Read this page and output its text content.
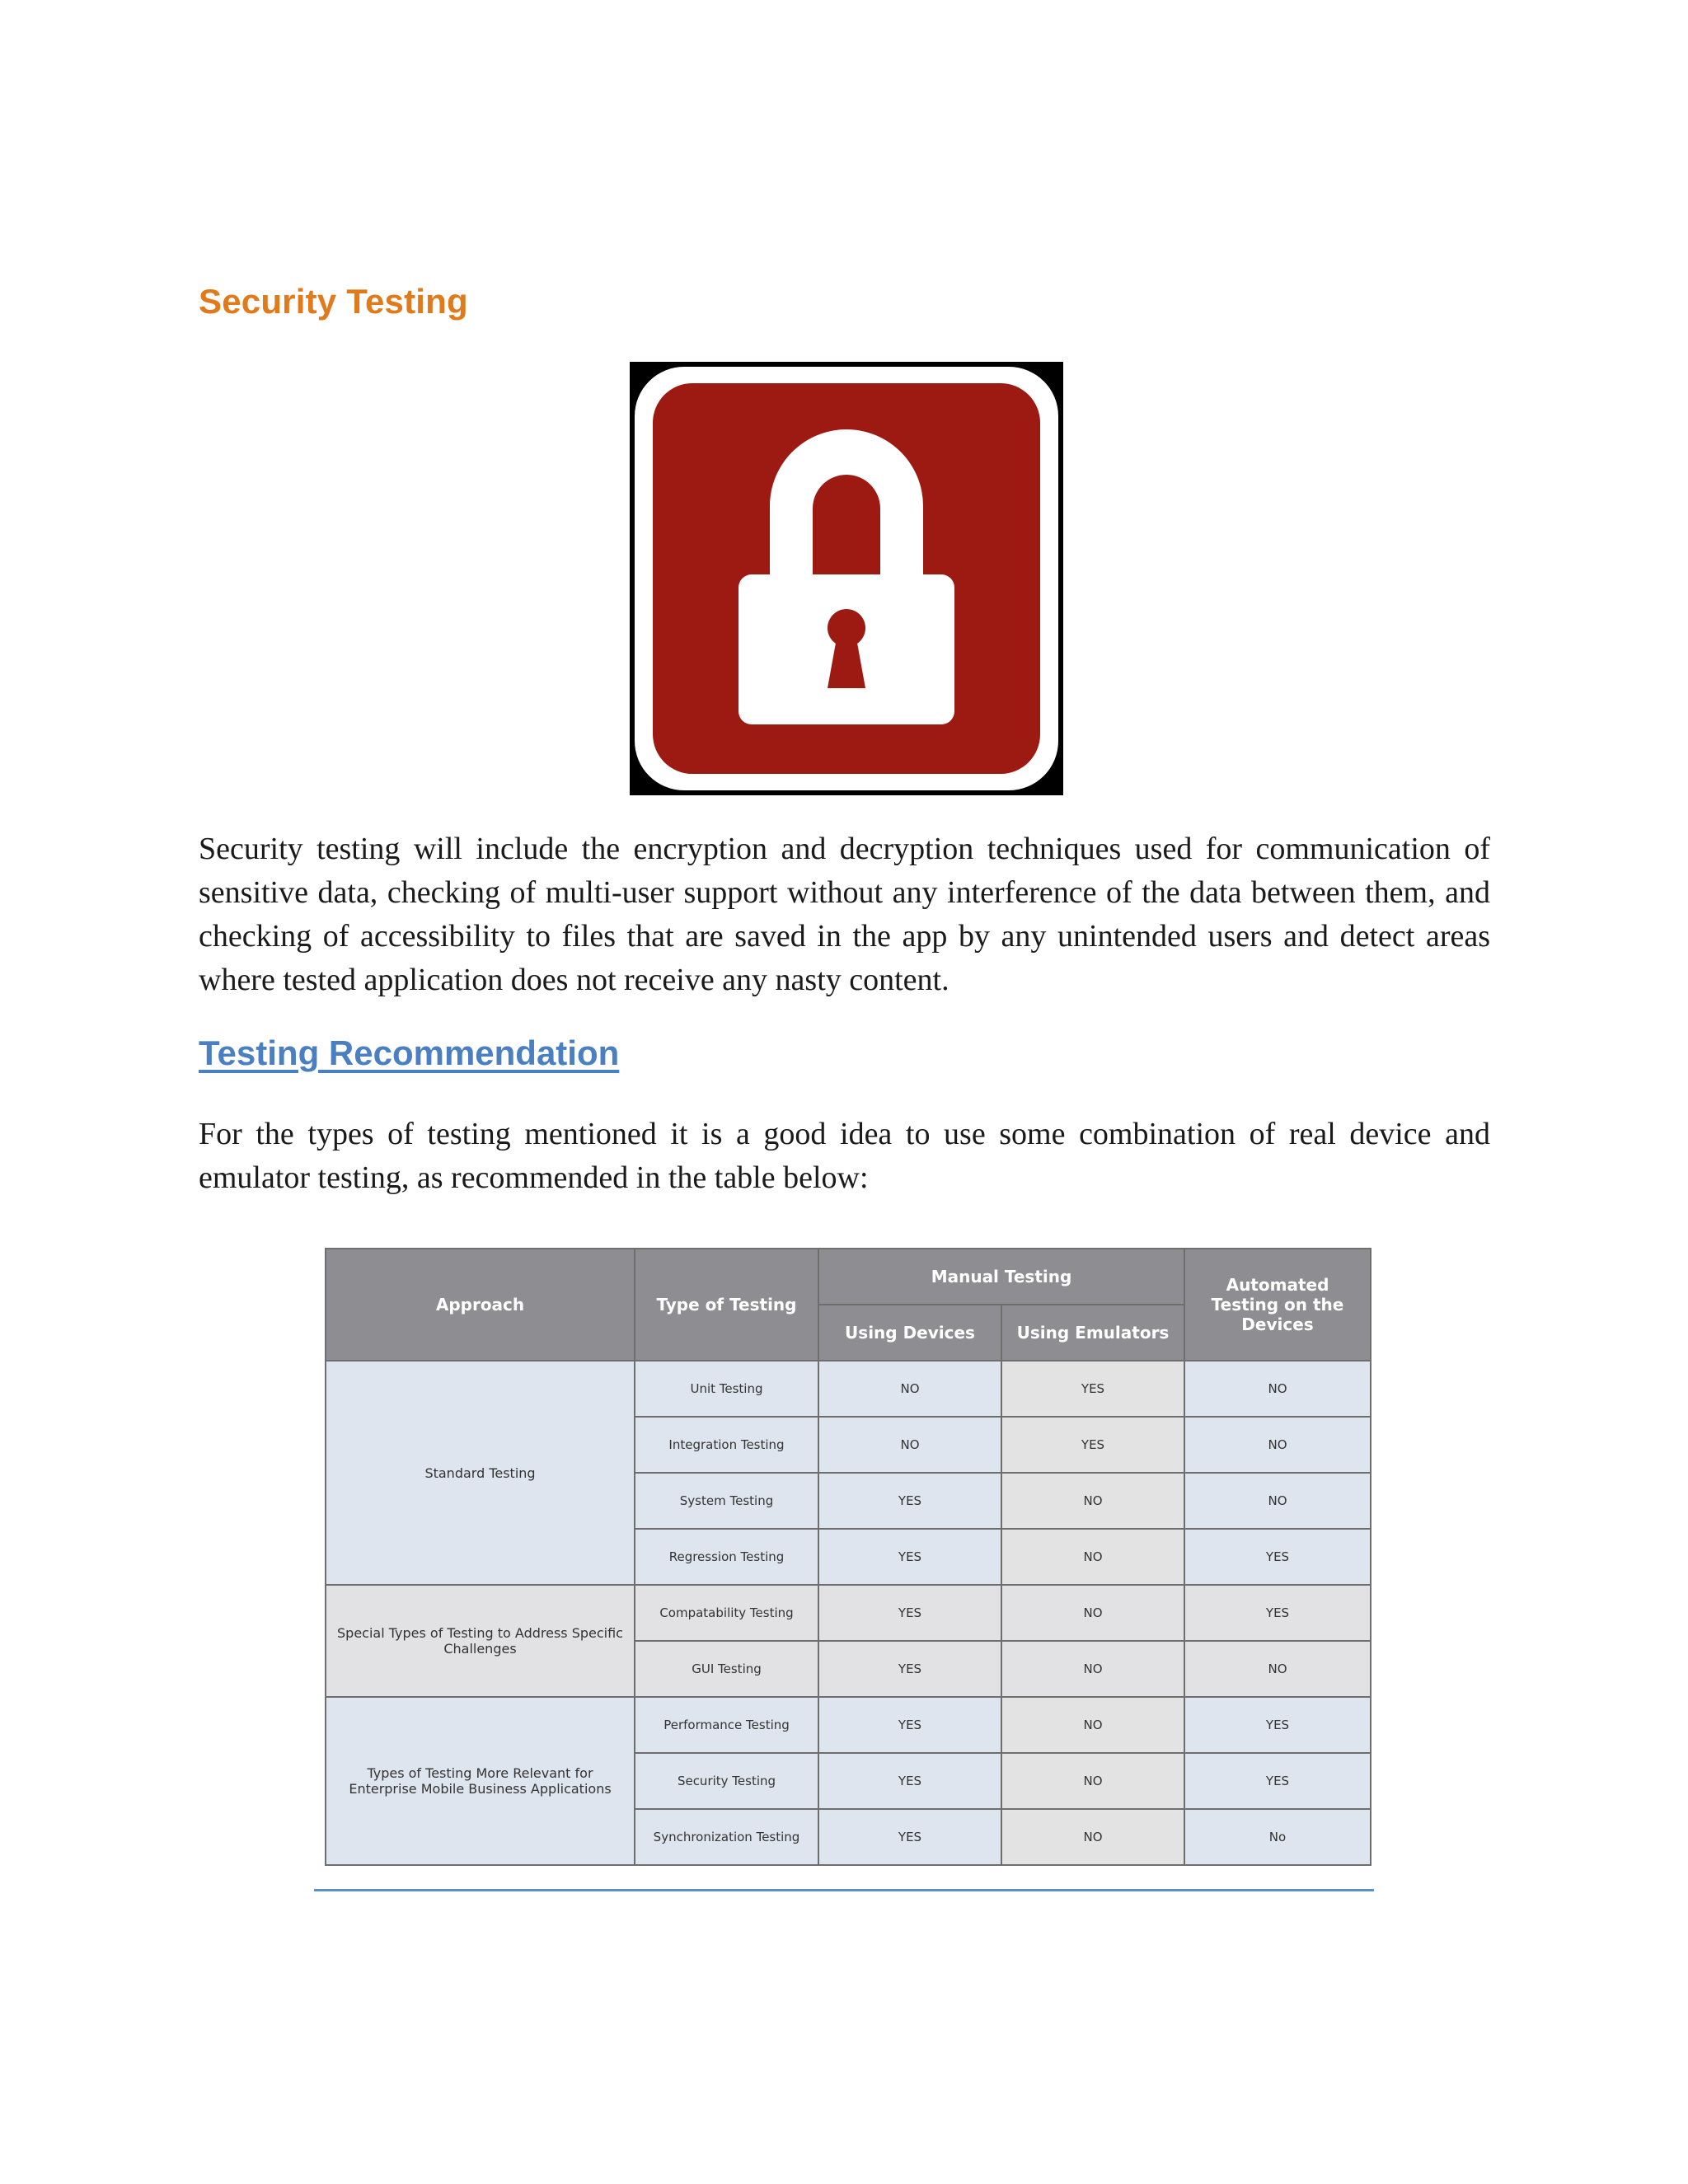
Security Testing

Security testing will include the encryption and decryption techniques used for communication of sensitive data, checking of multi-user support without any interference of the data between them, and checking of accessibility to files that are saved in the app by any unintended users and detect areas where tested application does not receive any nasty content.

Testing Recommendation

For the types of testing mentioned it is a good idea to use some combination of real device and emulator testing, as recommended in the table below:

Approach	Type of Testing	Manual Testing		Automated Testing on the Devices
		Using Devices	Using Emulators	
Standard Testing	Unit Testing	NO	YES	NO
	Integration Testing	NO	YES	NO
	System Testing	YES	NO	NO
	Regression Testing	YES	NO	YES
Special Types of Testing to Address Specific Challenges	Compatability Testing	YES	NO	YES
	GUI Testing	YES	NO	NO
Types of Testing More Relevant for Enterprise Mobile Business Applications	Performance Testing	YES	NO	YES
	Security Testing	YES	NO	YES
	Synchronization Testing	YES	NO	No
